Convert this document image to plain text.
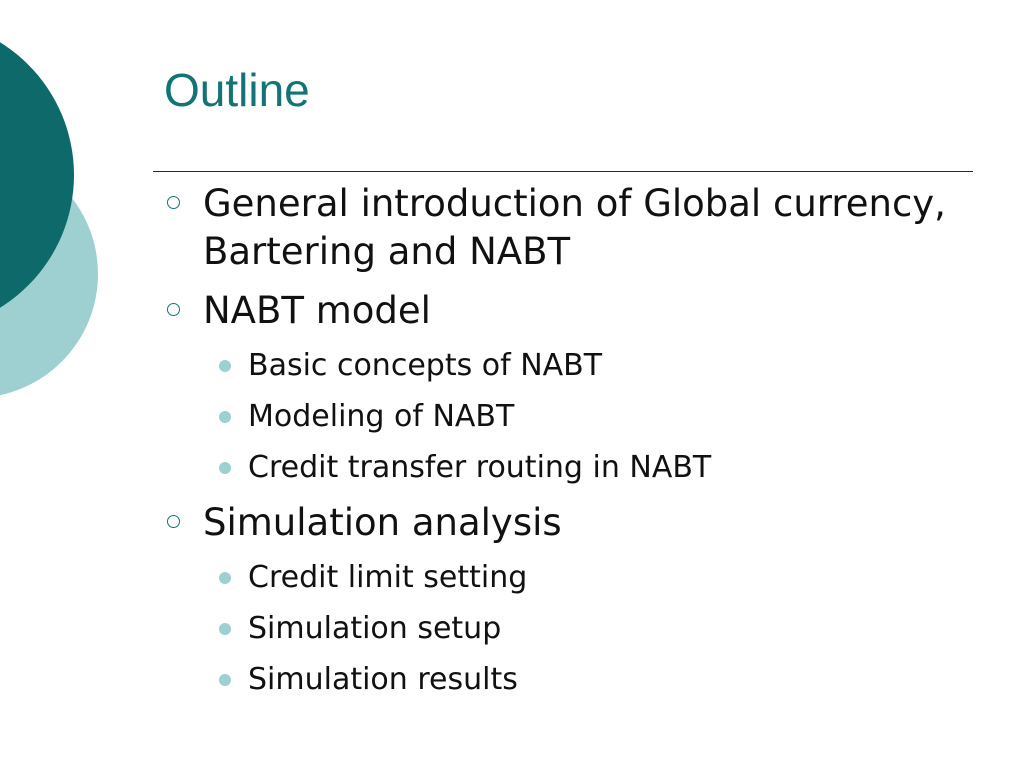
Outline
General introduction of Global currency, Bartering and NABT
NABT model
Basic concepts of NABT
Modeling of NABT
Credit transfer routing in NABT
Simulation analysis
Credit limit setting
Simulation setup
Simulation results
